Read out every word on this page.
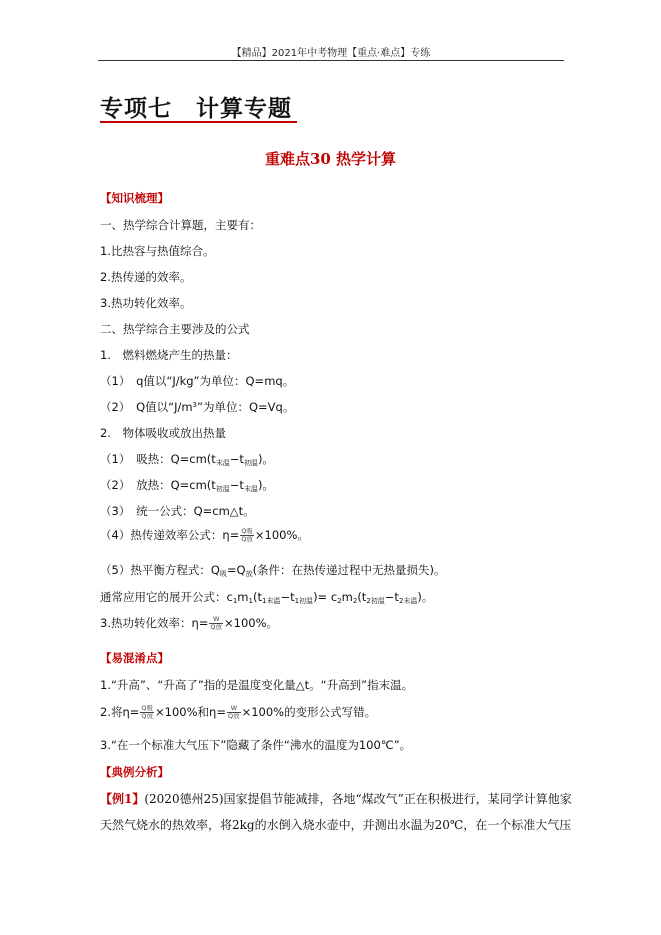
【精品】2021年中考物理【重点·难点】专练
专项七　计算专题
重难点30 热学计算
【知识梳理】
一、热学综合计算题，主要有：
1.比热容与热值综合。
2.热传递的效率。
3.热功转化效率。
二、热学综合主要涉及的公式
1.　燃料燃烧产生的热量：
（1）　q值以“J/kg”为单位：Q=mq。
（2）　Q值以“$J/m^3$”为单位：Q=Vq。
2.　物体吸收或放出热量
（1）　吸热：$Q=cm(t_{末温}-t_{初温})$。
（2）　放热：$Q=cm(t_{初温}-t_{末温})$。
（3）　统一公式：Q=cm△t。
（4）热传递效率公式：$\eta= \frac{\text{Q吸}}{\text{Q放}} \times 100\%$。
（5）热平衡方程式：$Q_吸=Q_放$(条件：在热传递过程中无热量损失)。
通常应用它的展开公式：$c_1m_1(t_{1末温}-t_{1初温})= c_2m_2(t_{2初温}-t_{2末温})$。
3.热功转化效率：$\eta= \frac{W}{\text{Q放}} \times 100\%$。
【易混淆点】
1.“升高”、“升高了”指的是温度变化量△t。“升高到”指末温。
2.将$\eta= \frac{\text{Q吸}}{\text{Q放}} \times 100\%$和$\eta= \frac{W}{\text{Q放}} \times 100\%$的变形公式写错。
3.“在一个标准大气压下”隐藏了条件“沸水的温度为100℃”。
【典例分析】
【例1】(2020德州25)国家提倡节能减排，各地“煤改气”正在积极进行，某同学计算他家
天然气烧水的热效率，将2kg的水倒入烧水壶中，并测出水温为20℃，在一个标准大气压
